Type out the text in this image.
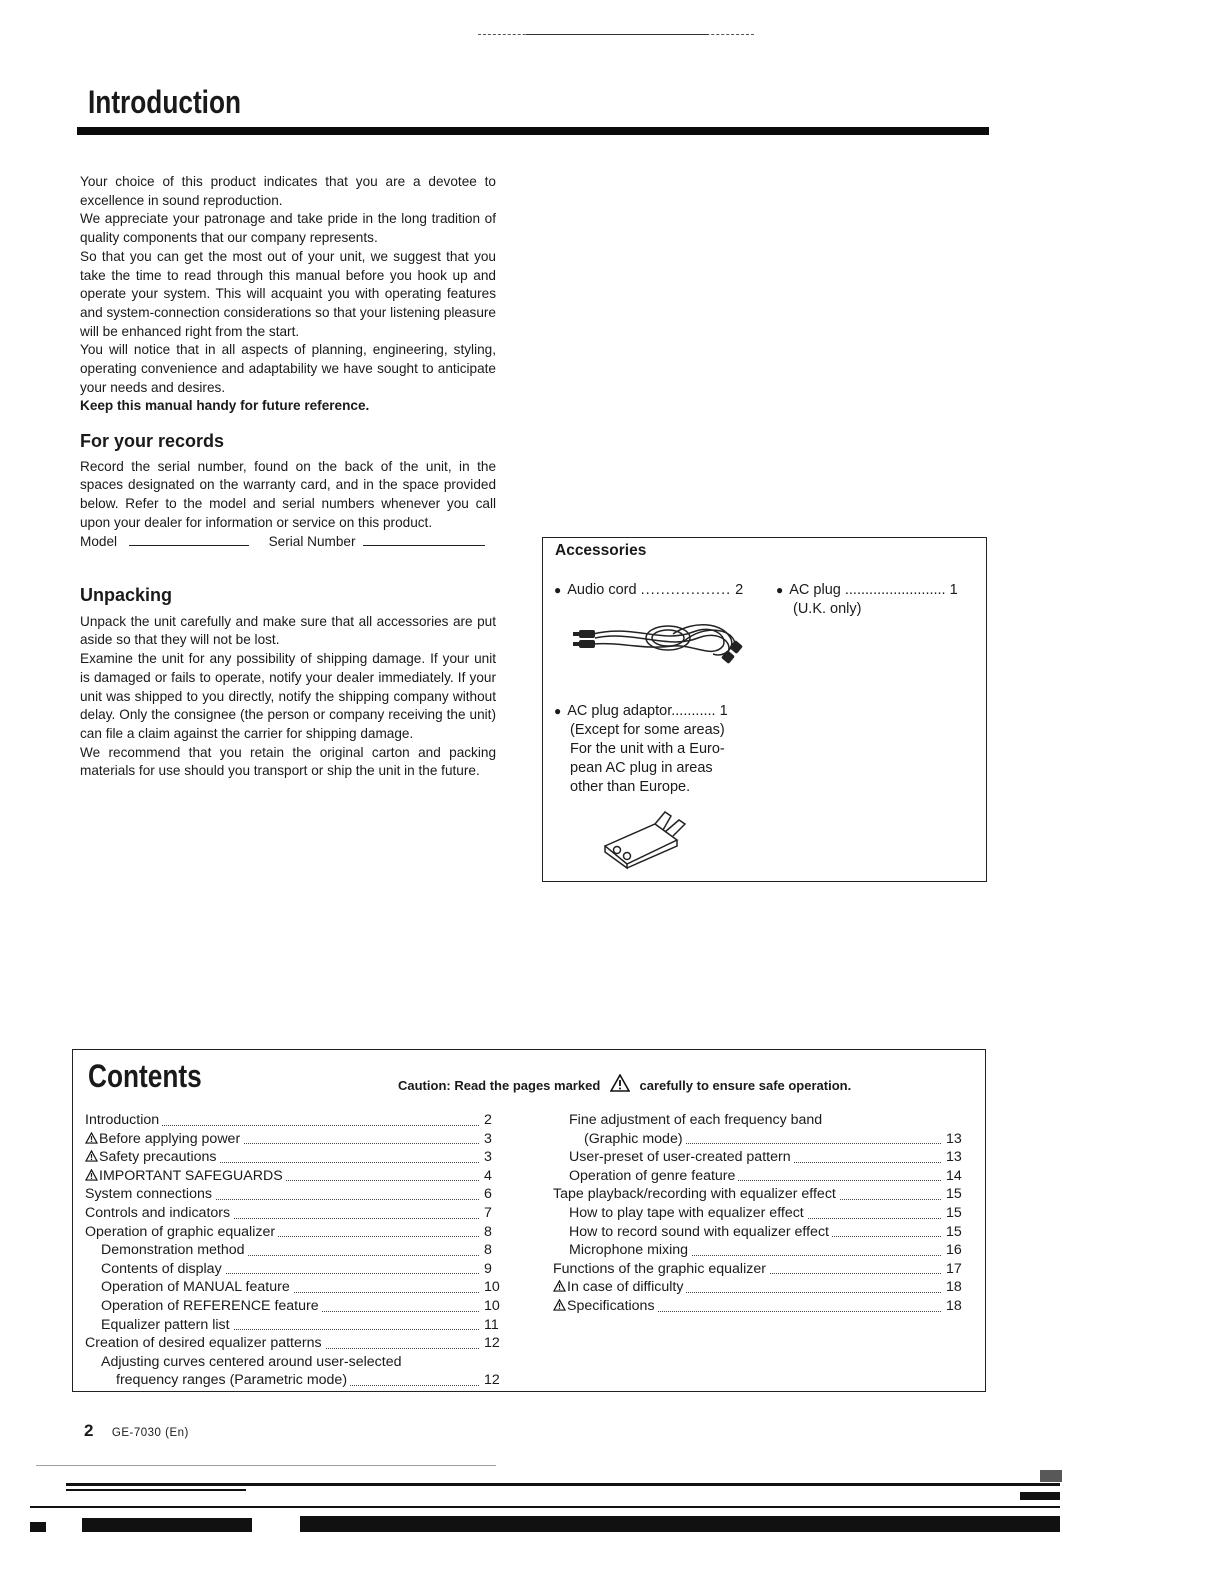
Introduction

Your choice of this product indicates that you are a devotee to excellence in sound reproduction.

We appreciate your patronage and take pride in the long tradition of quality components that our company represents.

So that you can get the most out of your unit, we suggest that you take the time to read through this manual before you hook up and operate your system. This will acquaint you with operating features and system-connection considerations so that your listening pleasure will be enhanced right from the start.

You will notice that in all aspects of planning, engineering, styling, operating convenience and adaptability we have sought to anticipate your needs and desires.

Keep this manual handy for future reference.

For your records

Record the serial number, found on the back of the unit, in the spaces designated on the warranty card, and in the space provided below. Refer to the model and serial numbers whenever you call upon your dealer for information or service on this product.

Model	Serial Number

Unpacking

Unpack the unit carefully and make sure that all accessories are put aside so that they will not be lost.

Examine the unit for any possibility of shipping damage. If your unit is damaged or fails to operate, notify your dealer immediately. If your unit was shipped to you directly, notify the shipping company without delay. Only the consignee (the person or company receiving the unit) can file a claim against the carrier for shipping damage.

We recommend that you retain the original carton and packing materials for use should you transport or ship the unit in the future.

Accessories
● Audio cord .................. 2	● AC plug ......................... 1
(U.K. only)
● AC plug adaptor........... 1
(Except for some areas)
For the unit with a Euro-
pean AC plug in areas
other than Europe.
Contents	Caution: Read the pages marked	carefully to ensure safe operation.
Introduction	2
Before applying power	3
Safety precautions	3
IMPORTANT SAFEGUARDS	4
System connections	6
Controls and indicators	7
Operation of graphic equalizer	8
Demonstration method	8
Contents of display	9
Operation of MANUAL feature	10
Operation of REFERENCE feature	10
Equalizer pattern list	11
Creation of desired equalizer patterns	12
Adjusting curves centered around user-selected
frequency ranges (Parametric mode)	12
Fine adjustment of each frequency band
(Graphic mode)	13
User-preset of user-created pattern	13
Operation of genre feature	14
Tape playback/recording with equalizer effect	15
How to play tape with equalizer effect	15
How to record sound with equalizer effect	15
Microphone mixing	16
Functions of the graphic equalizer	17
In case of difficulty	18
Specifications	18
2 GE-7030 (En)
